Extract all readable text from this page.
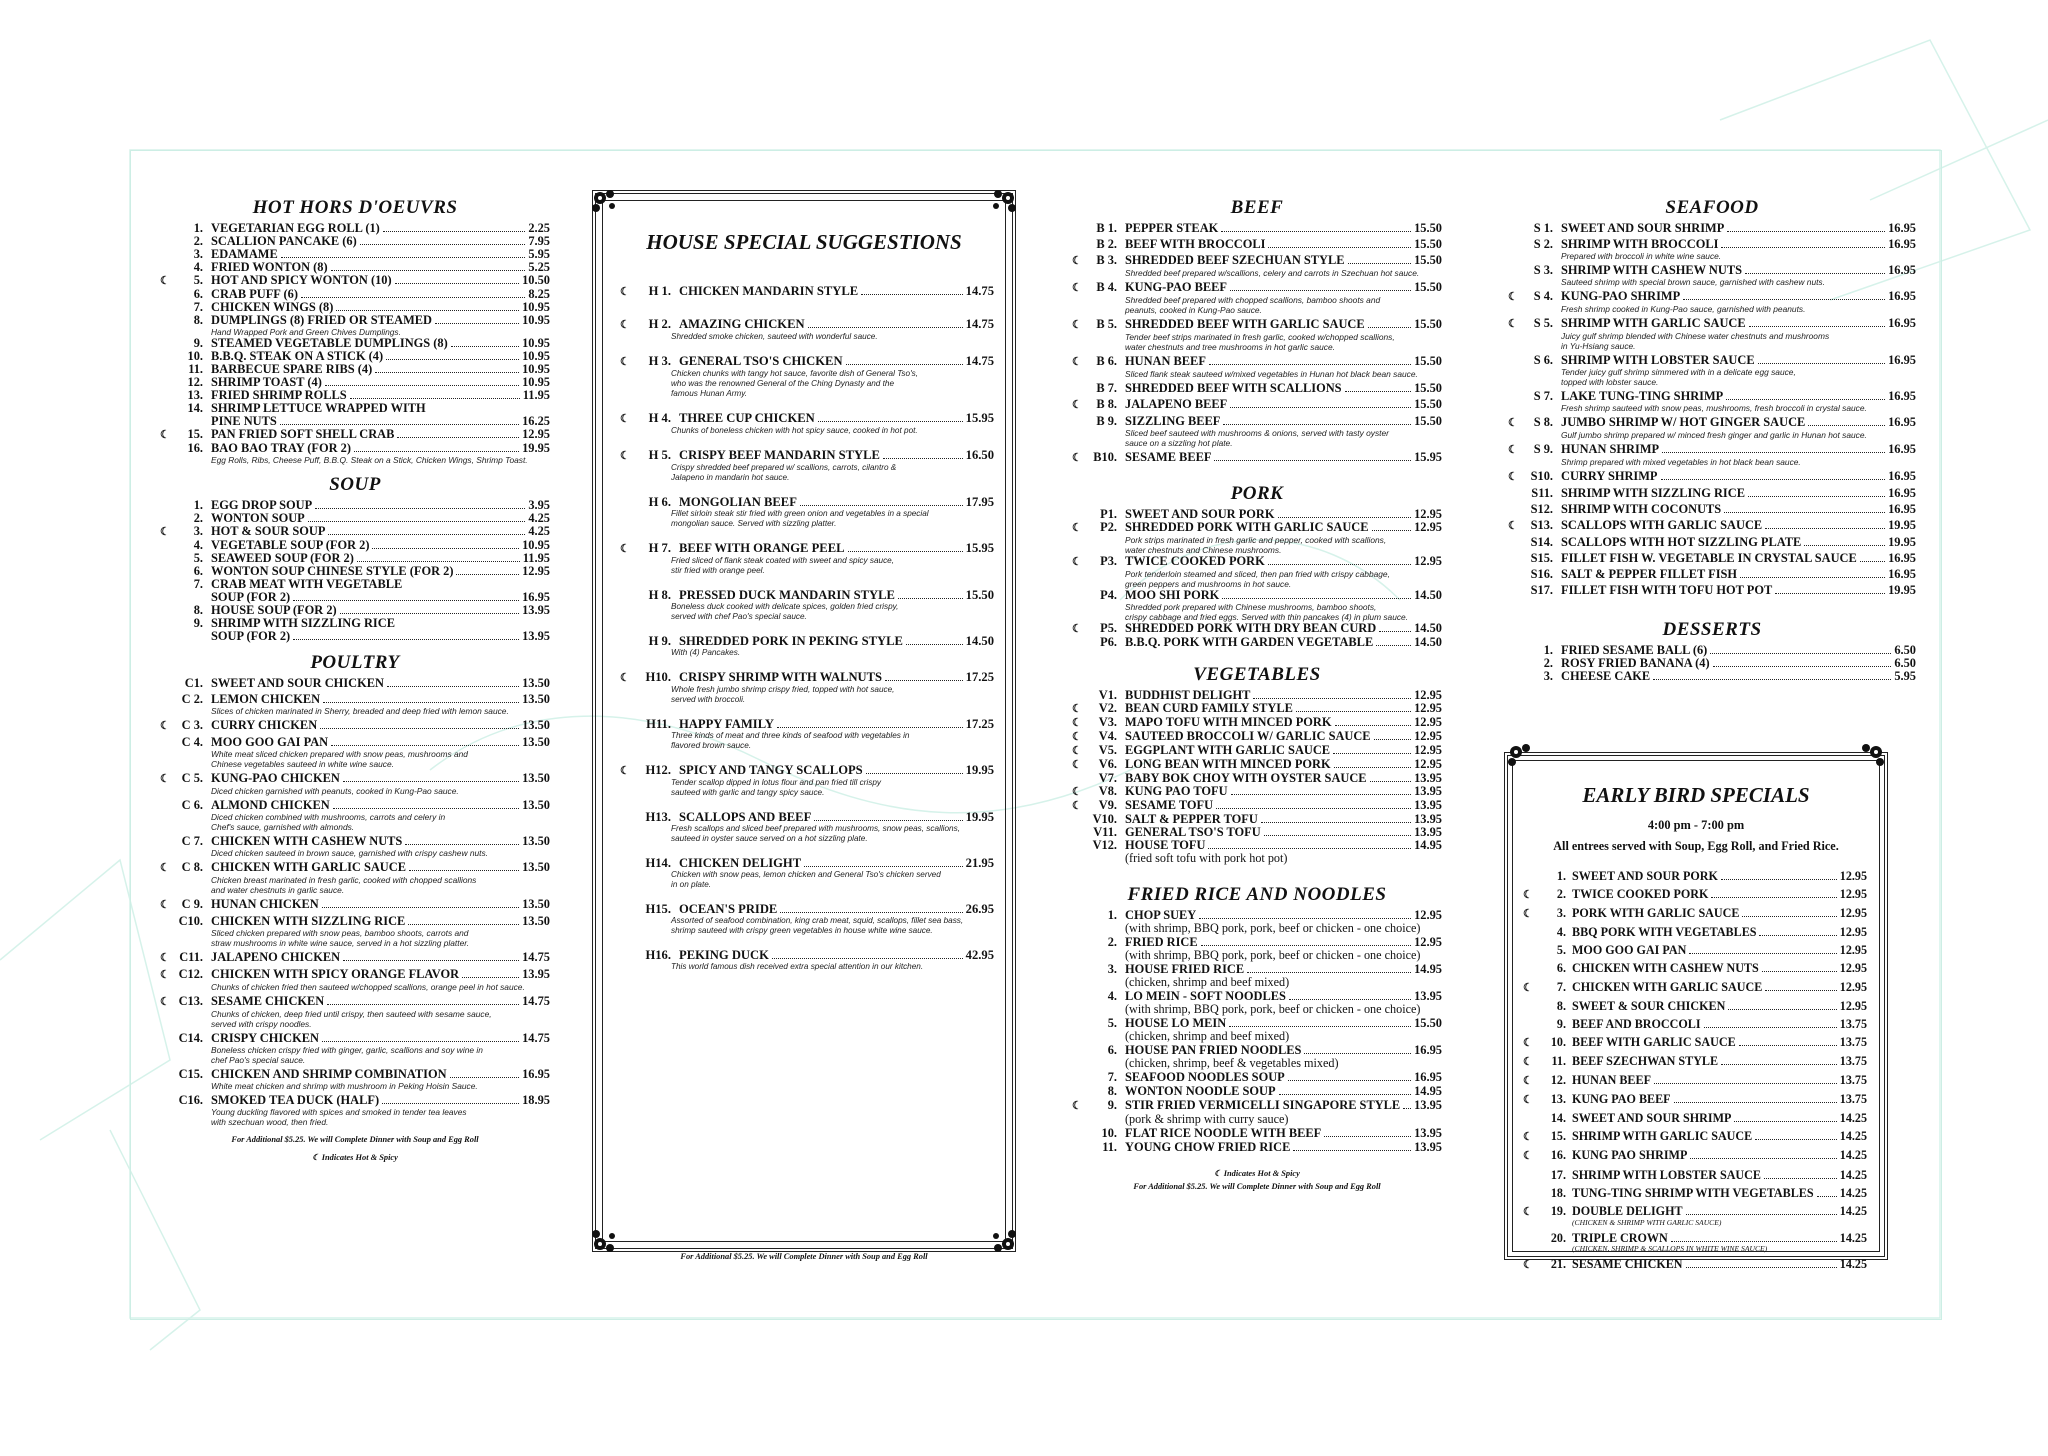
HOT HORS D'OEUVRS
1. VEGETARIAN EGG ROLL (1)	2.25
2. SCALLION PANCAKE (6)	7.95
3. EDAMAME	5.95
4. FRIED WONTON (8)	5.25
☾	5. HOT AND SPICY WONTON (10)	10.50
6. CRAB PUFF (6)	8.25
7. CHICKEN WINGS (8)	10.95
8. DUMPLINGS (8) FRIED OR STEAMED	10.95
Hand Wrapped Pork and Green Chives Dumplings.
9. STEAMED VEGETABLE DUMPLINGS (8)	10.95
10. B.B.Q. STEAK ON A STICK (4)	10.95
11. BARBECUE SPARE RIBS (4)	10.95
12. SHRIMP TOAST (4)	10.95
13. FRIED SHRIMP ROLLS	11.95
14. SHRIMP LETTUCE WRAPPED WITH
PINE NUTS	16.25
☾	15. PAN FRIED SOFT SHELL CRAB	12.95
16. BAO BAO TRAY (FOR 2)	19.95
Egg Rolls, Ribs, Cheese Puff, B.B.Q. Steak on a Stick, Chicken Wings, Shrimp Toast.
SOUP
1. EGG DROP SOUP	3.95
2. WONTON SOUP	4.25
☾	3. HOT & SOUR SOUP	4.25
4. VEGETABLE SOUP (FOR 2)	10.95
5. SEAWEED SOUP (FOR 2)	11.95
6. WONTON SOUP CHINESE STYLE (FOR 2)	12.95
7. CRAB MEAT WITH VEGETABLE
SOUP (FOR 2)	16.95
8. HOUSE SOUP (FOR 2)	13.95
9. SHRIMP WITH SIZZLING RICE
SOUP (FOR 2)	13.95
POULTRY
C1. SWEET AND SOUR CHICKEN	13.50
C 2. LEMON CHICKEN	13.50
Slices of chicken marinated in Sherry, breaded and deep fried with lemon sauce.
☾ C 3. CURRY CHICKEN	13.50
C 4. MOO GOO GAI PAN	13.50
White meat sliced chicken prepared with snow peas, mushrooms and
Chinese vegetables sauteed in white wine sauce.
☾ C 5. KUNG-PAO CHICKEN	13.50
Diced chicken garnished with peanuts, cooked in Kung-Pao sauce.
C 6. ALMOND CHICKEN	13.50
Diced chicken combined with mushrooms, carrots and celery in
Chef's sauce, garnished with almonds.
C 7. CHICKEN WITH CASHEW NUTS	13.50
Diced chicken sauteed in brown sauce, garnished with crispy cashew nuts.
☾ C 8. CHICKEN WITH GARLIC SAUCE	13.50
Chicken breast marinated in fresh garlic, cooked with chopped scallions
and water chestnuts in garlic sauce.
☾ C 9. HUNAN CHICKEN	13.50
C10. CHICKEN WITH SIZZLING RICE	13.50
Sliced chicken prepared with snow peas, bamboo shoots, carrots and
straw mushrooms in white wine sauce, served in a hot sizzling platter.
☾ C11. JALAPENO CHICKEN	14.75
☾ C12. CHICKEN WITH SPICY ORANGE FLAVOR	13.95
Chunks of chicken fried then sauteed w/chopped scallions, orange peel in hot sauce.
☾ C13. SESAME CHICKEN	14.75
Chunks of chicken, deep fried until crispy, then sauteed with sesame sauce,
served with crispy noodles.
C14. CRISPY CHICKEN	14.75
Boneless chicken crispy fried with ginger, garlic, scallions and soy wine in
chef Pao's special sauce.
C15. CHICKEN AND SHRIMP COMBINATION	16.95
White meat chicken and shrimp with mushroom in Peking Hoisin Sauce.
C16. SMOKED TEA DUCK (HALF)	18.95
Young duckling flavored with spices and smoked in tender tea leaves
with szechuan wood, then fried.
For Additional $5.25. We will Complete Dinner with Soup and Egg Roll
☾ Indicates Hot & Spicy
HOUSE SPECIAL SUGGESTIONS
☾	H 1. CHICKEN MANDARIN STYLE	14.75
☾	H 2. AMAZING CHICKEN	14.75
Shredded smoke chicken, sauteed with wonderful sauce.
☾	H 3. GENERAL TSO'S CHICKEN	14.75
Chicken chunks with tangy hot sauce, favorite dish of General Tso's,
who was the renowned General of the Ching Dynasty and the
famous Hunan Army.
☾	H 4. THREE CUP CHICKEN	15.95
Chunks of boneless chicken with hot spicy sauce, cooked in hot pot.
☾	H 5. CRISPY BEEF MANDARIN STYLE	16.50
Crispy shredded beef prepared w/ scallions, carrots, cilantro &
Jalapeno in mandarin hot sauce.
H 6. MONGOLIAN BEEF	17.95
Fillet sirloin steak stir fried with green onion and vegetables in a special
mongolian sauce. Served with sizzling platter.
☾	H 7. BEEF WITH ORANGE PEEL	15.95
Fried sliced of flank steak coated with sweet and spicy sauce,
stir fried with orange peel.
H 8. PRESSED DUCK MANDARIN STYLE	15.50
Boneless duck cooked with delicate spices, golden fried crispy,
served with chef Pao's special sauce.
H 9. SHREDDED PORK IN PEKING STYLE	14.50
With (4) Pancakes.
☾	H10. CRISPY SHRIMP WITH WALNUTS	17.25
Whole fresh jumbo shrimp crispy fried, topped with hot sauce,
served with broccoli.
H11. HAPPY FAMILY	17.25
Three kinds of meat and three kinds of seafood with vegetables in
flavored brown sauce.
☾	H12. SPICY AND TANGY SCALLOPS	19.95
Tender scallop dipped in lotus flour and pan fried till crispy
sauteed with garlic and tangy spicy sauce.
H13. SCALLOPS AND BEEF	19.95
Fresh scallops and sliced beef prepared with mushrooms, snow peas, scallions,
sauteed in oyster sauce served on a hot sizzling plate.
H14. CHICKEN DELIGHT	21.95
Chicken with snow peas, lemon chicken and General Tso's chicken served
in on plate.
H15. OCEAN'S PRIDE	26.95
Assorted of seafood combination, king crab meat, squid, scallops, fillet sea bass,
shrimp sauteed with crispy green vegetables in house white wine sauce.
H16. PEKING DUCK	42.95
This world famous dish received extra special attention in our kitchen.
For Additional $5.25. We will Complete Dinner with Soup and Egg Roll
BEEF
B 1. PEPPER STEAK	15.50
B 2. BEEF WITH BROCCOLI	15.50
☾	B 3. SHREDDED BEEF SZECHUAN STYLE	15.50
Shredded beef prepared w/scallions, celery and carrots in Szechuan hot sauce.
☾	B 4. KUNG-PAO BEEF	15.50
Shredded beef prepared with chopped scallions, bamboo shoots and
peanuts, cooked in Kung-Pao sauce.
☾	B 5. SHREDDED BEEF WITH GARLIC SAUCE	15.50
Tender beef strips marinated in fresh garlic, cooked w/chopped scallions,
water chestnuts and tree mushrooms in hot garlic sauce.
☾	B 6. HUNAN BEEF	15.50
Sliced flank steak sauteed w/mixed vegetables in Hunan hot black bean sauce.
B 7. SHREDDED BEEF WITH SCALLIONS	15.50
☾	B 8. JALAPENO BEEF	15.50
B 9. SIZZLING BEEF	15.50
Sliced beef sauteed with mushrooms & onions, served with tasty oyster
sauce on a sizzling hot plate.
☾ B10. SESAME BEEF	15.95
PORK
P1. SWEET AND SOUR PORK	12.95
☾	P2. SHREDDED PORK WITH GARLIC SAUCE	12.95
Pork strips marinated in fresh garlic and pepper, cooked with scallions,
water chestnuts and Chinese mushrooms.
☾	P3. TWICE COOKED PORK	12.95
Pork tenderloin steamed and sliced, then pan fried with crispy cabbage,
green peppers and mushrooms in hot sauce.
P4. MOO SHI PORK	14.50
Shredded pork prepared with Chinese mushrooms, bamboo shoots,
crispy cabbage and fried eggs. Served with thin pancakes (4) in plum sauce.
☾	P5. SHREDDED PORK WITH DRY BEAN CURD	14.50
P6. B.B.Q. PORK WITH GARDEN VEGETABLE	14.50
VEGETABLES
V1. BUDDHIST DELIGHT	12.95
☾	V2. BEAN CURD FAMILY STYLE	12.95
☾	V3. MAPO TOFU WITH MINCED PORK	12.95
☾	V4. SAUTEED BROCCOLI W/ GARLIC SAUCE	12.95
☾	V5. EGGPLANT WITH GARLIC SAUCE	12.95
☾	V6. LONG BEAN WITH MINCED PORK	12.95
V7. BABY BOK CHOY WITH OYSTER SAUCE	13.95
☾	V8. KUNG PAO TOFU	13.95
☾	V9. SESAME TOFU	13.95
V10. SALT & PEPPER TOFU	13.95
V11. GENERAL TSO'S TOFU	13.95
V12. HOUSE TOFU	14.95
(fried soft tofu with pork hot pot)
FRIED RICE AND NOODLES
1. CHOP SUEY	12.95
(with shrimp, BBQ pork, pork, beef or chicken - one choice)
2. FRIED RICE	12.95
(with shrimp, BBQ pork, pork, beef or chicken - one choice)
3. HOUSE FRIED RICE	14.95
(chicken, shrimp and beef mixed)
4. LO MEIN - SOFT NOODLES	13.95
(with shrimp, BBQ pork, pork, beef or chicken - one choice)
5. HOUSE LO MEIN	15.50
(chicken, shrimp and beef mixed)
6. HOUSE PAN FRIED NOODLES	16.95
(chicken, shrimp, beef & vegetables mixed)
7. SEAFOOD NOODLES SOUP	16.95
8. WONTON NOODLE SOUP	14.95
☾	9. STIR FRIED VERMICELLI SINGAPORE STYLE 13.95
(pork & shrimp with curry sauce)
10. FLAT RICE NOODLE WITH BEEF	13.95
11. YOUNG CHOW FRIED RICE	13.95
☾ Indicates Hot & Spicy
For Additional $5.25. We will Complete Dinner with Soup and Egg Roll
SEAFOOD
S 1. SWEET AND SOUR SHRIMP	16.95
S 2. SHRIMP WITH BROCCOLI	16.95
Prepared with broccoli in white wine sauce.
S 3. SHRIMP WITH CASHEW NUTS	16.95
Sauteed shrimp with special brown sauce, garnished with cashew nuts.
☾	S 4. KUNG-PAO SHRIMP	16.95
Fresh shrimp cooked in Kung-Pao sauce, garnished with peanuts.
☾	S 5. SHRIMP WITH GARLIC SAUCE	16.95
Juicy gulf shrimp blended with Chinese water chestnuts and mushrooms
in Yu-Hsiang sauce.
S 6. SHRIMP WITH LOBSTER SAUCE	16.95
Tender juicy gulf shrimp simmered with in a delicate egg sauce,
topped with lobster sauce.
S 7. LAKE TUNG-TING SHRIMP	16.95
Fresh shrimp sauteed with snow peas, mushrooms, fresh broccoli in crystal sauce.
☾	S 8. JUMBO SHRIMP W/ HOT GINGER SAUCE	16.95
Gulf jumbo shrimp prepared w/ minced fresh ginger and garlic in Hunan hot sauce.
☾	S 9. HUNAN SHRIMP	16.95
Shrimp prepared with mixed vegetables in hot black bean sauce.
☾	S10. CURRY SHRIMP	16.95
S11. SHRIMP WITH SIZZLING RICE	16.95
S12. SHRIMP WITH COCONUTS	16.95
☾	S13. SCALLOPS WITH GARLIC SAUCE	19.95
S14. SCALLOPS WITH HOT SIZZLING PLATE	19.95
S15. FILLET FISH W. VEGETABLE IN CRYSTAL SAUCE	16.95
S16. SALT & PEPPER FILLET FISH	16.95
S17. FILLET FISH WITH TOFU HOT POT	19.95
DESSERTS
1. FRIED SESAME BALL (6)	6.50
2. ROSY FRIED BANANA (4)	6.50
3. CHEESE CAKE	5.95
EARLY BIRD SPECIALS
4:00 pm - 7:00 pm
All entrees served with Soup, Egg Roll, and Fried Rice.
1. SWEET AND SOUR PORK	12.95
☾	2. TWICE COOKED PORK	12.95
☾	3. PORK WITH GARLIC SAUCE	12.95
4. BBQ PORK WITH VEGETABLES	12.95
5. MOO GOO GAI PAN	12.95
6. CHICKEN WITH CASHEW NUTS	12.95
☾	7. CHICKEN WITH GARLIC SAUCE	12.95
8. SWEET & SOUR CHICKEN	12.95
9. BEEF AND BROCCOLI	13.75
☾	10. BEEF WITH GARLIC SAUCE	13.75
☾	11. BEEF SZECHWAN STYLE	13.75
☾	12. HUNAN BEEF	13.75
☾	13. KUNG PAO BEEF	13.75
14. SWEET AND SOUR SHRIMP	14.25
☾	15. SHRIMP WITH GARLIC SAUCE	14.25
☾	16. KUNG PAO SHRIMP	14.25
17. SHRIMP WITH LOBSTER SAUCE	14.25
18. TUNG-TING SHRIMP WITH VEGETABLES 14.25
☾	19. DOUBLE DELIGHT	14.25
(CHICKEN & SHRIMP WITH GARLIC SAUCE)
20. TRIPLE CROWN	14.25
(CHICKEN, SHRIMP & SCALLOPS IN WHITE WINE SAUCE)
☾	21. SESAME CHICKEN	14.25
